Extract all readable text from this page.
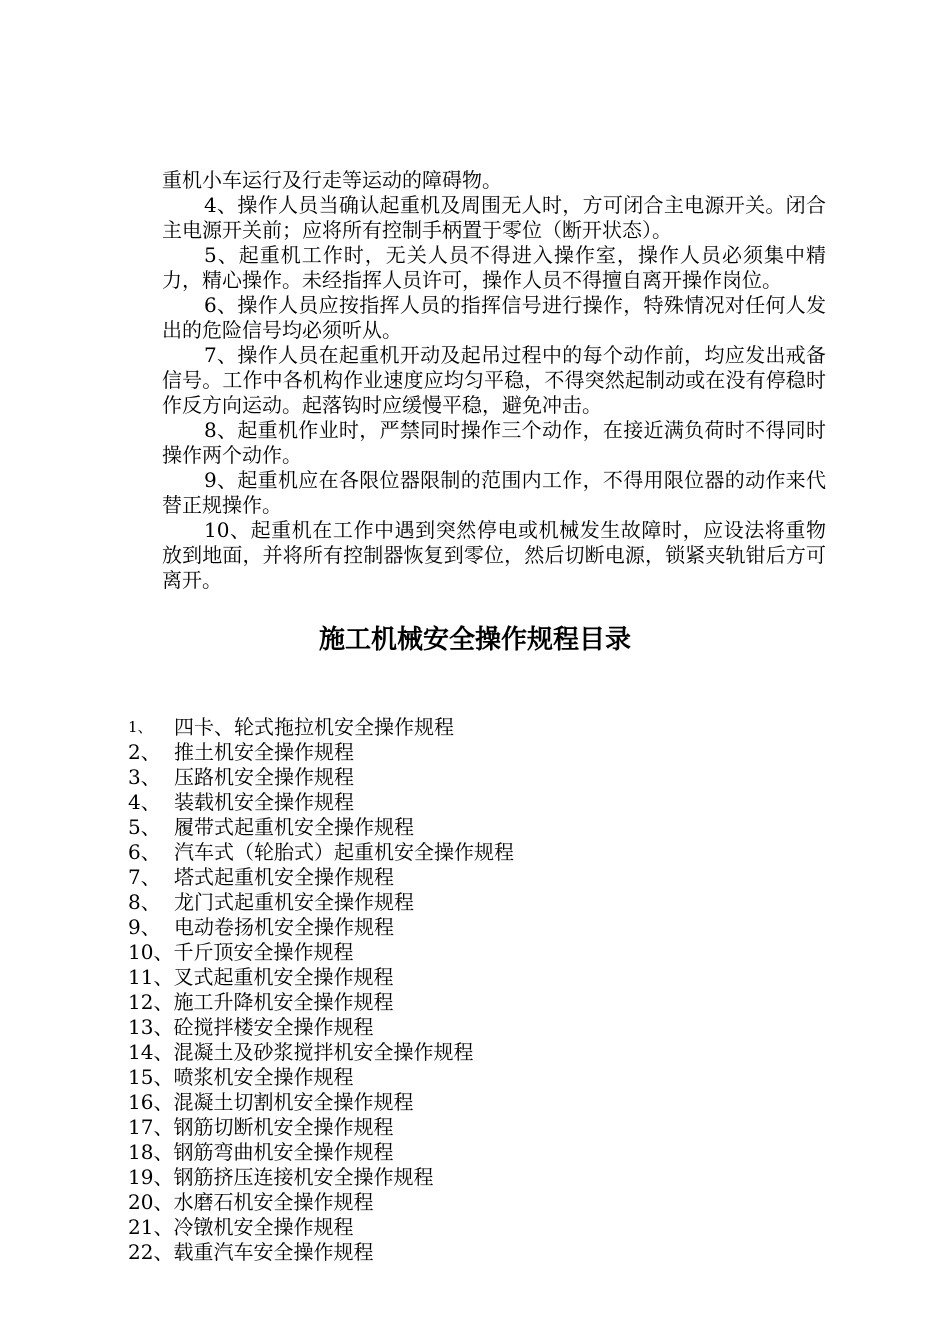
重机小车运行及行走等运动的障碍物。

4、操作人员当确认起重机及周围无人时，方可闭合主电源开关。闭合主电源开关前；应将所有控制手柄置于零位（断开状态）。

5、起重机工作时，无关人员不得进入操作室，操作人员必须集中精力，精心操作。未经指挥人员许可，操作人员不得擅自离开操作岗位。

6、操作人员应按指挥人员的指挥信号进行操作，特殊情况对任何人发出的危险信号均必须听从。

7、操作人员在起重机开动及起吊过程中的每个动作前，均应发出戒备信号。工作中各机构作业速度应均匀平稳，不得突然起制动或在没有停稳时作反方向运动。起落钩时应缓慢平稳，避免冲击。

8、起重机作业时，严禁同时操作三个动作，在接近满负荷时不得同时操作两个动作。

9、起重机应在各限位器限制的范围内工作，不得用限位器的动作来代替正规操作。

10、起重机在工作中遇到突然停电或机械发生故障时，应设法将重物放到地面，并将所有控制器恢复到零位，然后切断电源，锁紧夹轨钳后方可离开。

施工机械安全操作规程目录
1、	四卡、轮式拖拉机安全操作规程
2、 推土机安全操作规程
3、 压路机安全操作规程
4、 装载机安全操作规程
5、 履带式起重机安全操作规程
6、 汽车式（轮胎式）起重机安全操作规程
7、 塔式起重机安全操作规程
8、 龙门式起重机安全操作规程
9、 电动卷扬机安全操作规程
10、 千斤顶安全操作规程
11、 叉式起重机安全操作规程
12、 施工升降机安全操作规程
13、 砼搅拌楼安全操作规程
14、 混凝土及砂浆搅拌机安全操作规程
15、 喷浆机安全操作规程
16、 混凝土切割机安全操作规程
17、 钢筋切断机安全操作规程
18、 钢筋弯曲机安全操作规程
19、 钢筋挤压连接机安全操作规程
20、 水磨石机安全操作规程
21、 冷镦机安全操作规程
22、 载重汽车安全操作规程
